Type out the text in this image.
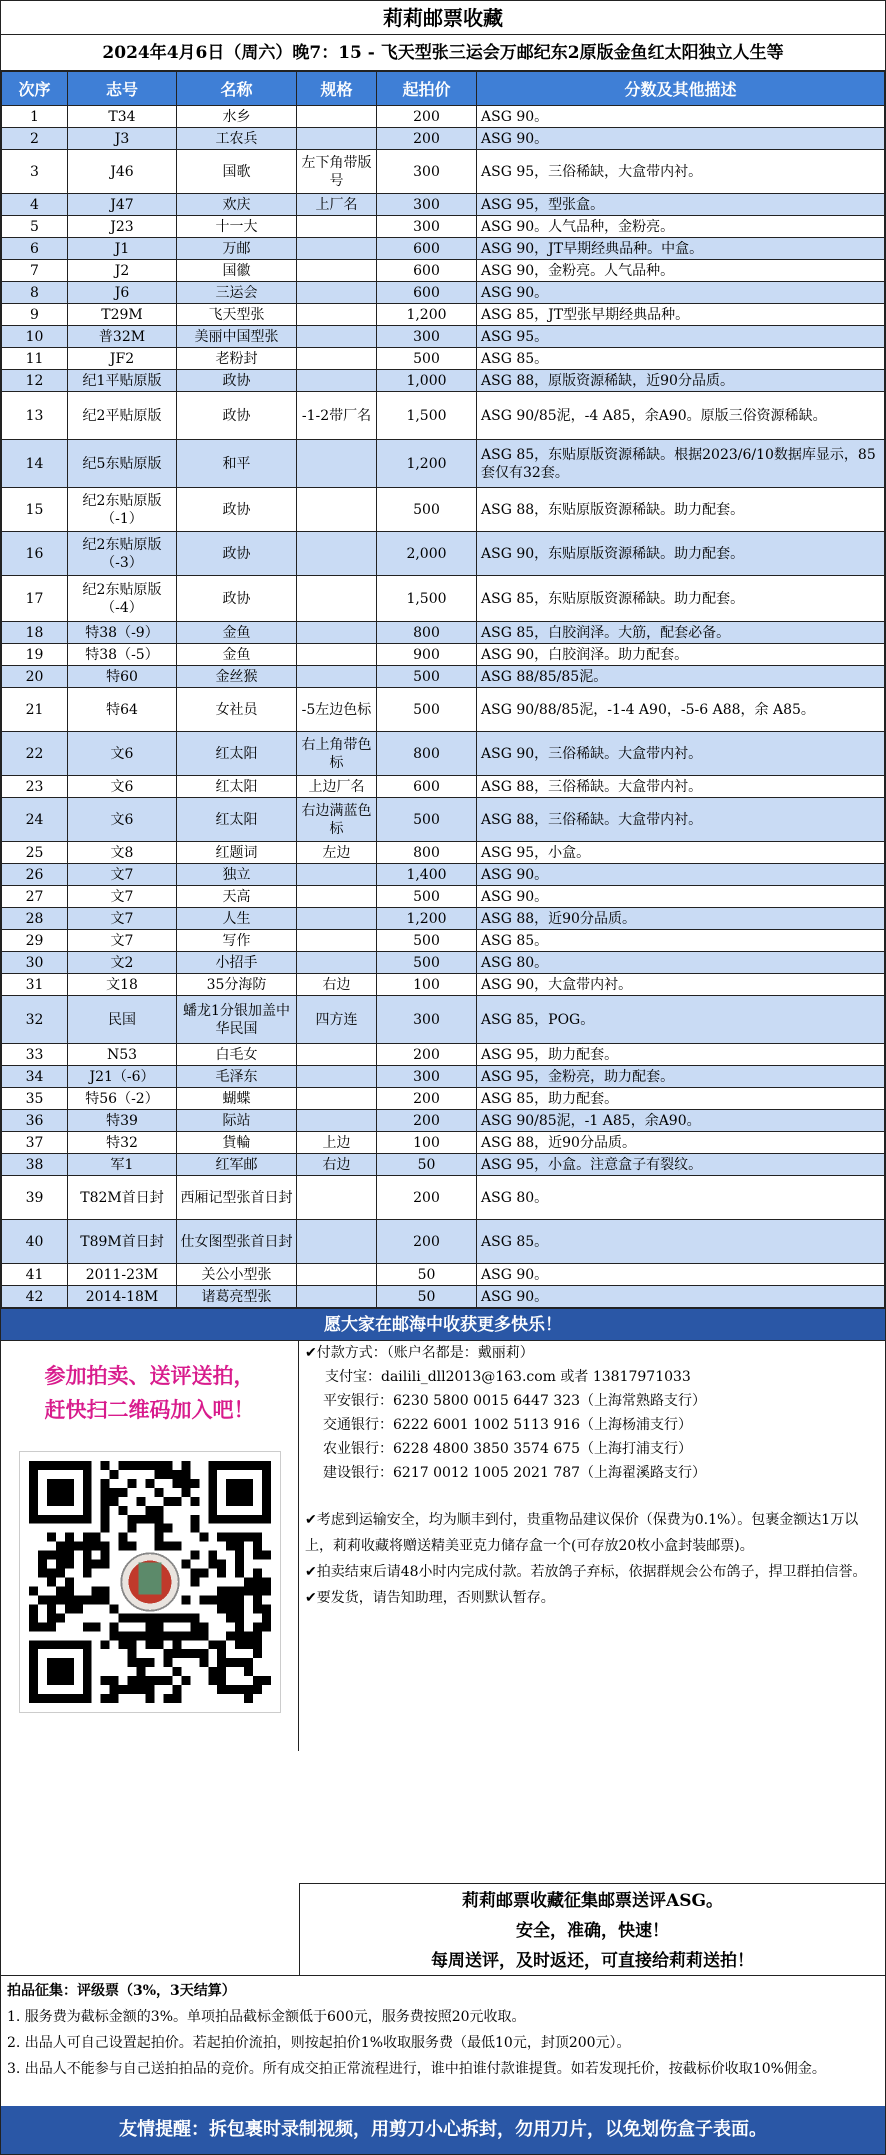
莉莉邮票收藏
2024年4月6日（周六）晚7：15 - 飞天型张三运会万邮纪东2原版金鱼红太阳独立人生等
次序	志号	名称	规格	起拍价	分数及其他描述
1	T34	水乡		200	ASG 90。
2	J3	工农兵		200	ASG 90。
3	J46	国歌	左下角带版号	300	ASG 95，三俗稀缺，大盒带内衬。
4	J47	欢庆	上厂名	300	ASG 95，型张盒。
5	J23	十一大		300	ASG 90。人气品种，金粉亮。
6	J1	万邮		600	ASG 90，JT早期经典品种。中盒。
7	J2	国徽		600	ASG 90，金粉亮。人气品种。
8	J6	三运会		600	ASG 90。
9	T29M	飞天型张		1,200	ASG 85，JT型张早期经典品种。
10	普32M	美丽中国型张		300	ASG 95。
11	JF2	老粉封		500	ASG 85。
12	纪1平贴原版	政协		1,000	ASG 88，原版资源稀缺，近90分品质。
13	纪2平贴原版	政协	-1-2带厂名	1,500	ASG 90/85泥，-4 A85，余A90。原版三俗资源稀缺。
14	纪5东贴原版	和平		1,200	ASG 85，东贴原版资源稀缺。根据2023/6/10数据库显示，85套仅有32套。
15	纪2东贴原版（-1）	政协		500	ASG 88，东贴原版资源稀缺。助力配套。
16	纪2东贴原版（-3）	政协		2,000	ASG 90，东贴原版资源稀缺。助力配套。
17	纪2东贴原版（-4）	政协		1,500	ASG 85，东贴原版资源稀缺。助力配套。
18	特38（-9）	金鱼		800	ASG 85，白胶润泽。大筋，配套必备。
19	特38（-5）	金鱼		900	ASG 90，白胶润泽。助力配套。
20	特60	金丝猴		500	ASG 88/85/85泥。
21	特64	女社员	-5左边色标	500	ASG 90/88/85泥，-1-4 A90，-5-6 A88，余 A85。
22	文6	红太阳	右上角带色标	800	ASG 90，三俗稀缺。大盒带内衬。
23	文6	红太阳	上边厂名	600	ASG 88，三俗稀缺。大盒带内衬。
24	文6	红太阳	右边满蓝色标	500	ASG 88，三俗稀缺。大盒带内衬。
25	文8	红题词	左边	800	ASG 95，小盒。
26	文7	独立		1,400	ASG 90。
27	文7	天高		500	ASG 90。
28	文7	人生		1,200	ASG 88，近90分品质。
29	文7	写作		500	ASG 85。
30	文2	小招手		500	ASG 80。
31	文18	35分海防	右边	100	ASG 90，大盒带内衬。
32	民国	蟠龙1分银加盖中华民国	四方连	300	ASG 85，POG。
33	N53	白毛女		200	ASG 95，助力配套。
34	J21（-6）	毛泽东		300	ASG 95，金粉亮，助力配套。
35	特56（-2）	蝴蝶		200	ASG 85，助力配套。
36	特39	际站		200	ASG 90/85泥，-1 A85，余A90。
37	特32	貨輪	上边	100	ASG 88，近90分品质。
38	军1	红军邮	右边	50	ASG 95，小盒。注意盒子有裂纹。
39	T82M首日封	西厢记型张首日封		200	ASG 80。
40	T89M首日封	仕女图型张首日封		200	ASG 85。
41	2011-23M	关公小型张		50	ASG 90。
42	2014-18M	诸葛亮型张		50	ASG 90。
愿大家在邮海中收获更多快乐！
参加拍卖、送评送拍，
赶快扫二维码加入吧！
✔付款方式：（账户名都是：戴丽莉）
支付宝：dailili_dll2013@163.com 或者 13817971033
平安银行：6230 5800 0015 6447 323（上海常熟路支行）
交通银行：6222 6001 1002 5113 916（上海杨浦支行）
农业银行：6228 4800 3850 3574 675（上海打浦支行）
建设银行：6217 0012 1005 2021 787（上海翟溪路支行）
✔考虑到运输安全，均为顺丰到付，贵重物品建议保价（保费为0.1%）。包裹金额达1万以上，莉莉收藏将赠送精美亚克力储存盒一个(可存放20枚小盒封装邮票)。
✔拍卖结束后请48小时内完成付款。若放鸽子弃标，依据群规会公布鸽子，捍卫群拍信誉。
✔要发货，请告知助理，否则默认暂存。
莉莉邮票收藏征集邮票送评ASG。
安全，准确，快速！
每周送评，及时返还，可直接给莉莉送拍！
拍品征集：评级票（3%，3天结算）
1. 服务费为截标金额的3%。单项拍品截标金额低于600元，服务费按照20元收取。
2. 出品人可自己设置起拍价。若起拍价流拍，则按起拍价1%收取服务费（最低10元，封顶200元）。
3. 出品人不能参与自己送拍拍品的竞价。所有成交拍正常流程进行，谁中拍谁付款谁提貨。如若发现托价，按截标价收取10%佣金。
友情提醒：拆包裹时录制视频，用剪刀小心拆封，勿用刀片，以免划伤盒子表面。
